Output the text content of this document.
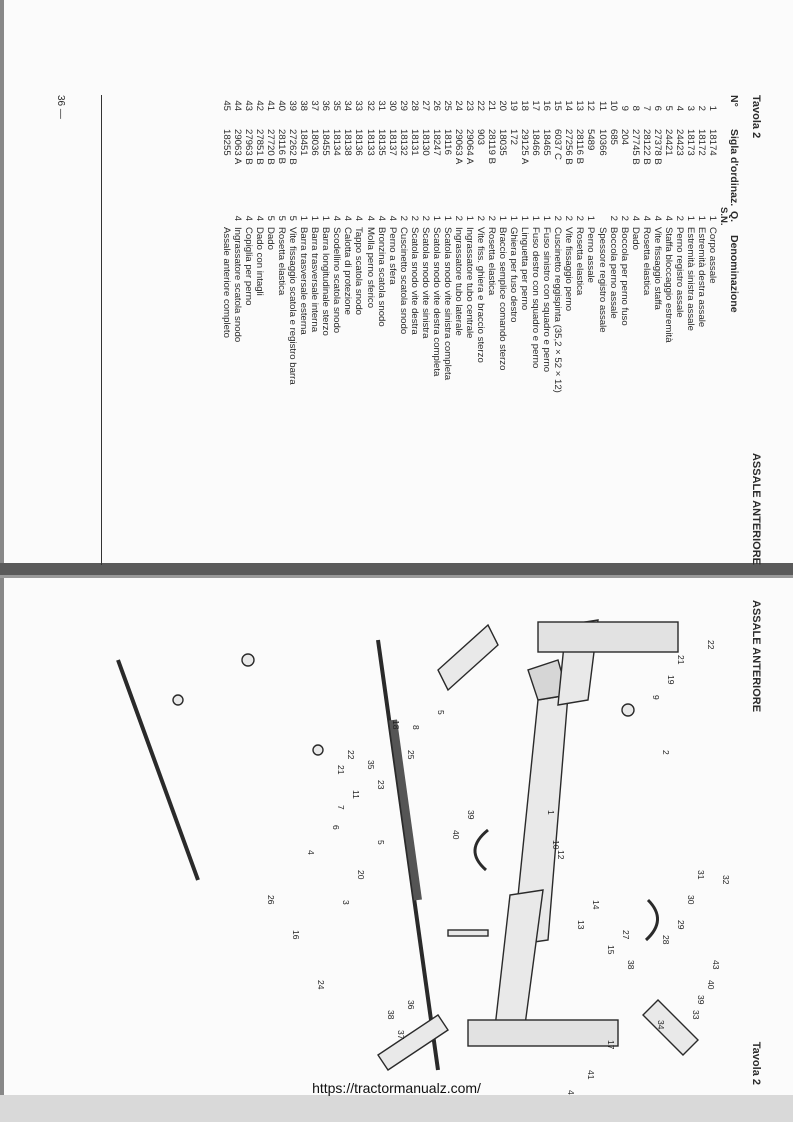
Tavola 2
ASSALE ANTERIORE
N°
Sigla d'ordinaz.
Q.
Denominazione
S.N.
1
18174
1
Corpo assale
2
18172
1
Estremità destra assale
3
18173
1
Estremità sinistra assale
4
24423
2
Perno registro assale
5
24421
4
Staffa bloccaggio estremità
6
27378 B
4
Vite fissaggio staffa
7
28122 B
4
Rosetta elastica
8
27745 B
4
Dado
9
204
2
Boccola per perno fuso
10
685
2
Boccola perno assale
11
10366
Spessore registro assale
12
5489
1
Perno assale
13
28116 B
2
Rosetta elastica
14
27256 B
2
Vite fissaggio perno
15
6037 C
2
Cuscinetto reggispinta (35,2 × 52 × 12)
16
18465
1
Fuso sinistro con squadro e perno
17
18466
1
Fuso destro con squadro e perno
18
29125 A
1
Linguetta per perno
19
172
1
Ghiera per fuso destro
20
18035
1
Braccio semplice comando sterzo
21
28119 B
2
Rosetta elastica
22
903
2
Vite fiss. ghiera e braccio sterzo
23
29064 A
1
Ingrassatore tubo centrale
24
29063 A
2
Ingrassatore tubo laterale
25
18116
1
Scatola snodo vite sinistra completa
26
18247
1
Scatola snodo vite destra completa
27
18130
2
Scatola snodo vite sinistra
28
18131
2
Scatola snodo vite destra
29
18132
2
Cuscinetto scatola snodo
30
18137
4
Perno a sfera
31
18135
4
Bronzina scatola snodo
32
18133
4
Molla perno sferico
33
18136
4
Tappo scatola snodo
34
18138
4
Calotta di protezione
35
18134
4
Scodellino scatola snodo
36
18455
1
Barra longitudinale sterzo
37
18036
1
Barra trasversale interna
38
18451
1
Barra trasversale esterna
39
27262 B
5
Vite fissaggio scatola e registro barra
40
28116 B
5
Rosetta elastica
41
27720 B
5
Dado
42
27851 B
4
Dado con intagli
43
27963 B
4
Copiglia per perno
44
29063 A
4
Ingrassatore scatola snodo
45
18255
Assale anteriore completo
36 —
ASSALE ANTERIORE
Tavola 2
22
21
19
9
2
32
31
30
29
28
43
40
39
33
34
17
41
38
27
14
13
15
12
10
1
39
40
36
38
37
23
11
7
6
5
4
5
8
25
35
22
21
20
18
3
24
16
26
https://tractormanualz.com/
